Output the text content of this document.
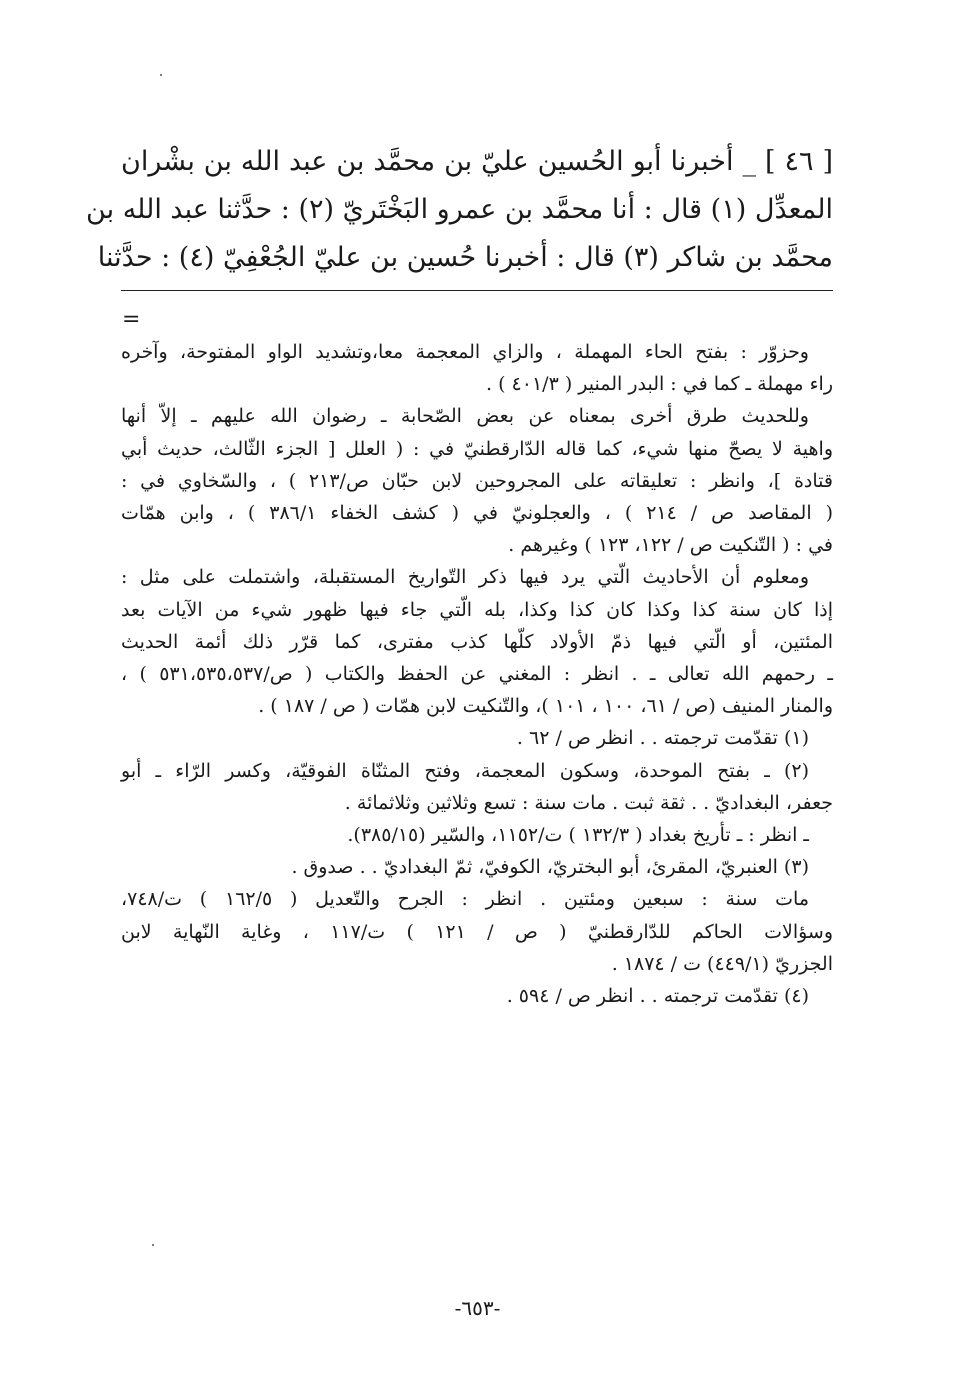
[ ٤٦ ] _ أخبرنا أبو الحُسين عليّ بن محمَّد بن عبد الله بن بشْران
المعدِّل (١) قال : أنا محمَّد بن عمرو البَخْتَريّ (٢) : حدَّثنا عبد الله بن
محمَّد بن شاكر (٣) قال : أخبرنا حُسين بن عليّ الجُعْفِيّ (٤) : حدَّثنا
=

وحزوّر : بفتح الحاء المهملة ، والزاي المعجمة معا،وتشديد الواو المفتوحة، وآخره
راء مهملة ـ كما في : البدر المنير ( ٤٠١/٣ ) .

وللحديث طرق أخرى بمعناه عن بعض الصّحابة ـ رضوان الله عليهم ـ إلاّ أنها
واهية لا يصحّ منها شيء، كما قاله الدّارقطنيّ في : ( العلل [ الجزء الثّالث، حديث أبي
قتادة ]، وانظر : تعليقاته على المجروحين لابن حبّان ص/٢١٣ ) ، والسّخاوي في :
( المقاصد ص / ٢١٤ ) ، والعجلونيّ في ( كشف الخفاء ٣٨٦/١ ) ، وابن همّات
في : ( التّنكيت ص / ١٢٢، ١٢٣ ) وغيرهم .

ومعلوم أن الأحاديث الّتي يرد فيها ذكر التّواريخ المستقبلة، واشتملت على مثل :
إذا كان سنة كذا وكذا كان كذا وكذا، بله الّتي جاء فيها ظهور شيء من الآيات بعد
المئتين، أو الّتي فيها ذمّ الأولاد كلّها كذب مفترى، كما قرّر ذلك أئمة الحديث
ـ رحمهم الله تعالى ـ . انظر : المغني عن الحفظ والكتاب ( ص/٥٣١،٥٣٥،٥٣٧ ) ،
والمنار المنيف (ص / ٦١، ١٠٠ ، ١٠١ )، والتّنكيت لابن همّات ( ص / ١٨٧ ) .

(١) تقدّمت ترجمته . . انظر ص / ٦٢ .

(٢) ـ بفتح الموحدة، وسكون المعجمة، وفتح المثنّاة الفوقيّة، وكسر الرّاء ـ أبو
جعفر، البغداديّ . . ثقة ثبت . مات سنة : تسع وثلاثين وثلاثمائة .

ـ انظر : ـ تأريخ بغداد ( ١٣٢/٣ ) ت/١١٥٢، والسّير (٣٨٥/١٥).

(٣) العنبريّ، المقرئ، أبو البختريّ، الكوفيّ، ثمّ البغداديّ . . صدوق .

مات سنة : سبعين ومئتين . انظر : الجرح والتّعديل ( ١٦٢/٥ ) ت/٧٤٨،
وسؤالات الحاكم للدّارقطنيّ ( ص / ١٢١ ) ت/١١٧ ، وغاية النّهاية لابن
الجزريّ (٤٤٩/١) ت / ١٨٧٤ .

(٤) تقدّمت ترجمته . . انظر ص / ٥٩٤ .

-٦٥٣-
